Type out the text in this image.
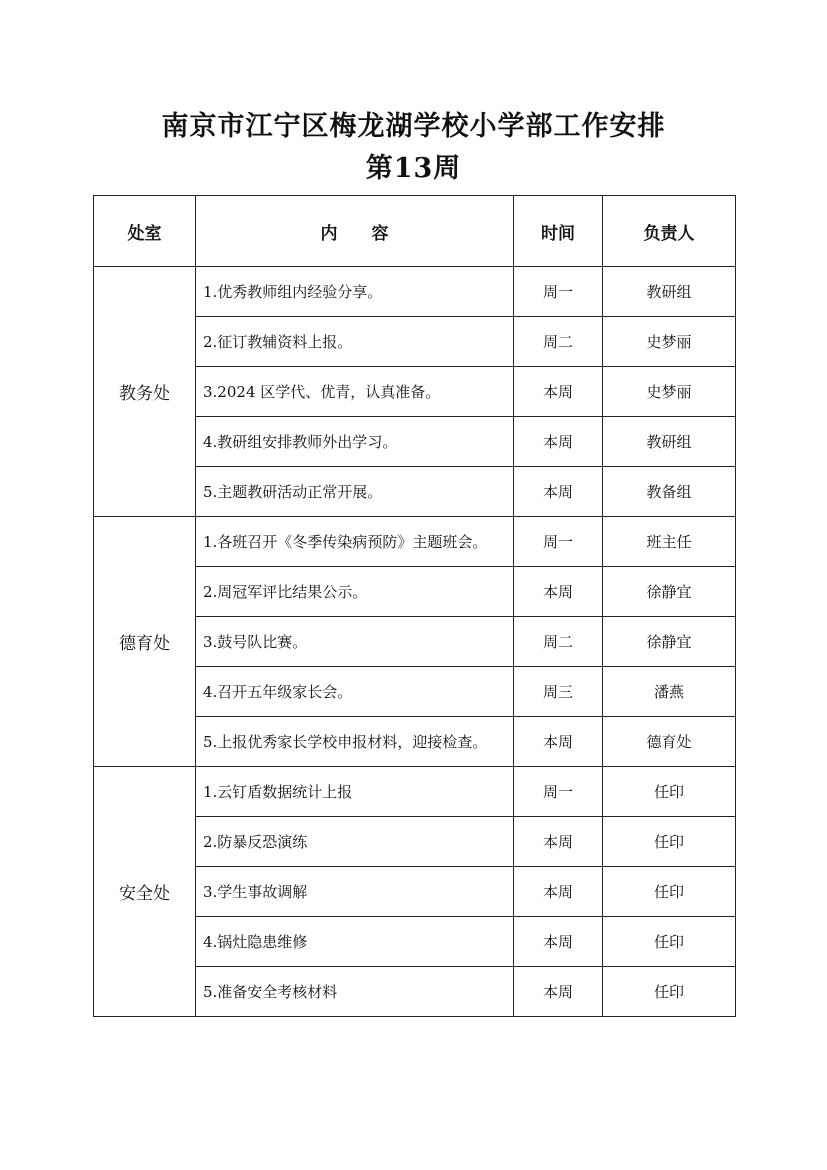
南京市江宁区梅龙湖学校小学部工作安排
第13周
处室	内　　容	时间	负责人
教务处	1.优秀教师组内经验分享。	周一	教研组
	2.征订教辅资料上报。	周二	史梦丽
	3.2024 区学代、优青，认真准备。	本周	史梦丽
	4.教研组安排教师外出学习。	本周	教研组
	5.主题教研活动正常开展。	本周	教备组
德育处	1.各班召开《冬季传染病预防》主题班会。	周一	班主任
	2.周冠军评比结果公示。	本周	徐静宜
	3.鼓号队比赛。	周二	徐静宜
	4.召开五年级家长会。	周三	潘燕
	5.上报优秀家长学校申报材料，迎接检查。	本周	德育处
安全处	1.云钉盾数据统计上报	周一	任印
	2.防暴反恐演练	本周	任印
	3.学生事故调解	本周	任印
	4.锅灶隐患维修	本周	任印
	5.准备安全考核材料	本周	任印
